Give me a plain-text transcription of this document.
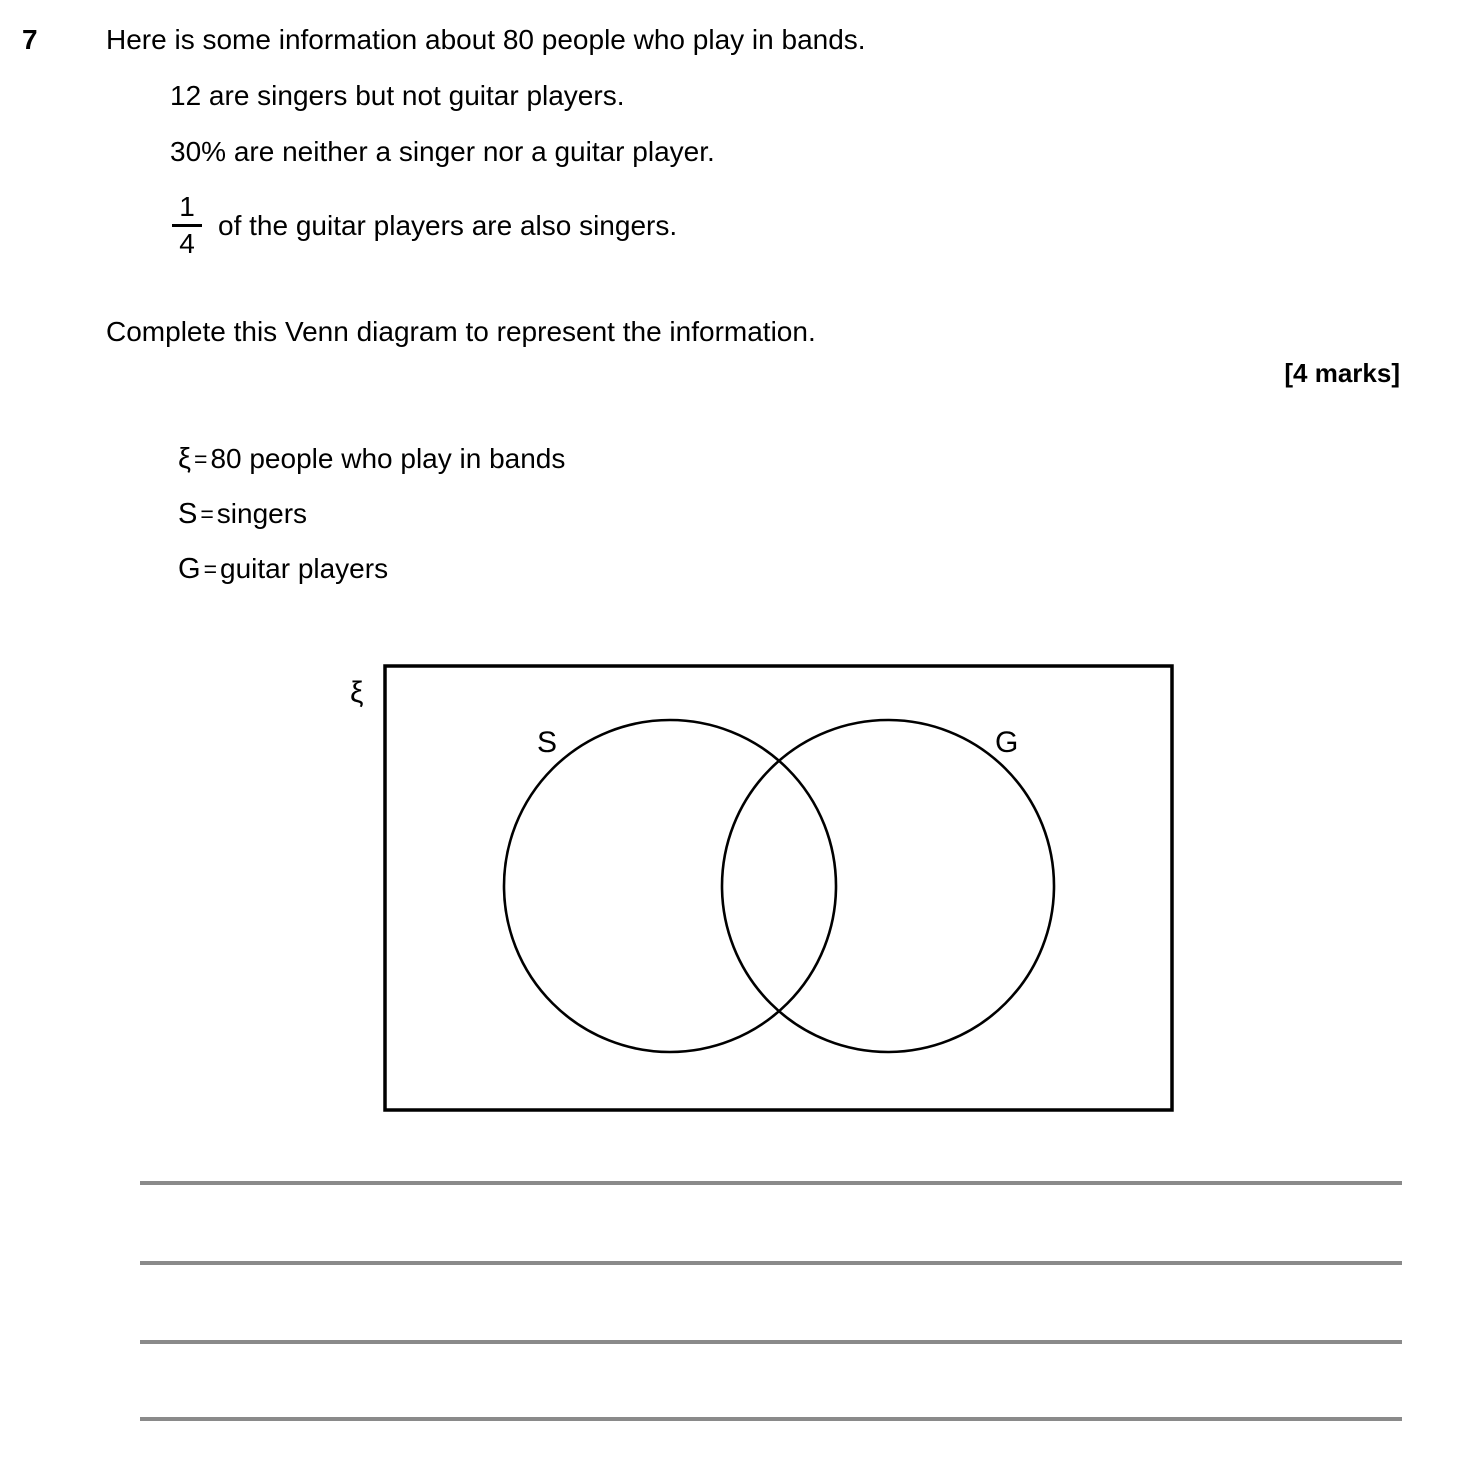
7 Here is some information about 80 people who play in bands.
12 are singers but not guitar players.
30% are neither a singer nor a guitar player.
$\frac{1}{4}$ of the guitar players are also singers.
Complete this Venn diagram to represent the information.
[4 marks]
ξ = 80 people who play in bands
S = singers
G = guitar players
ξ
S	G
